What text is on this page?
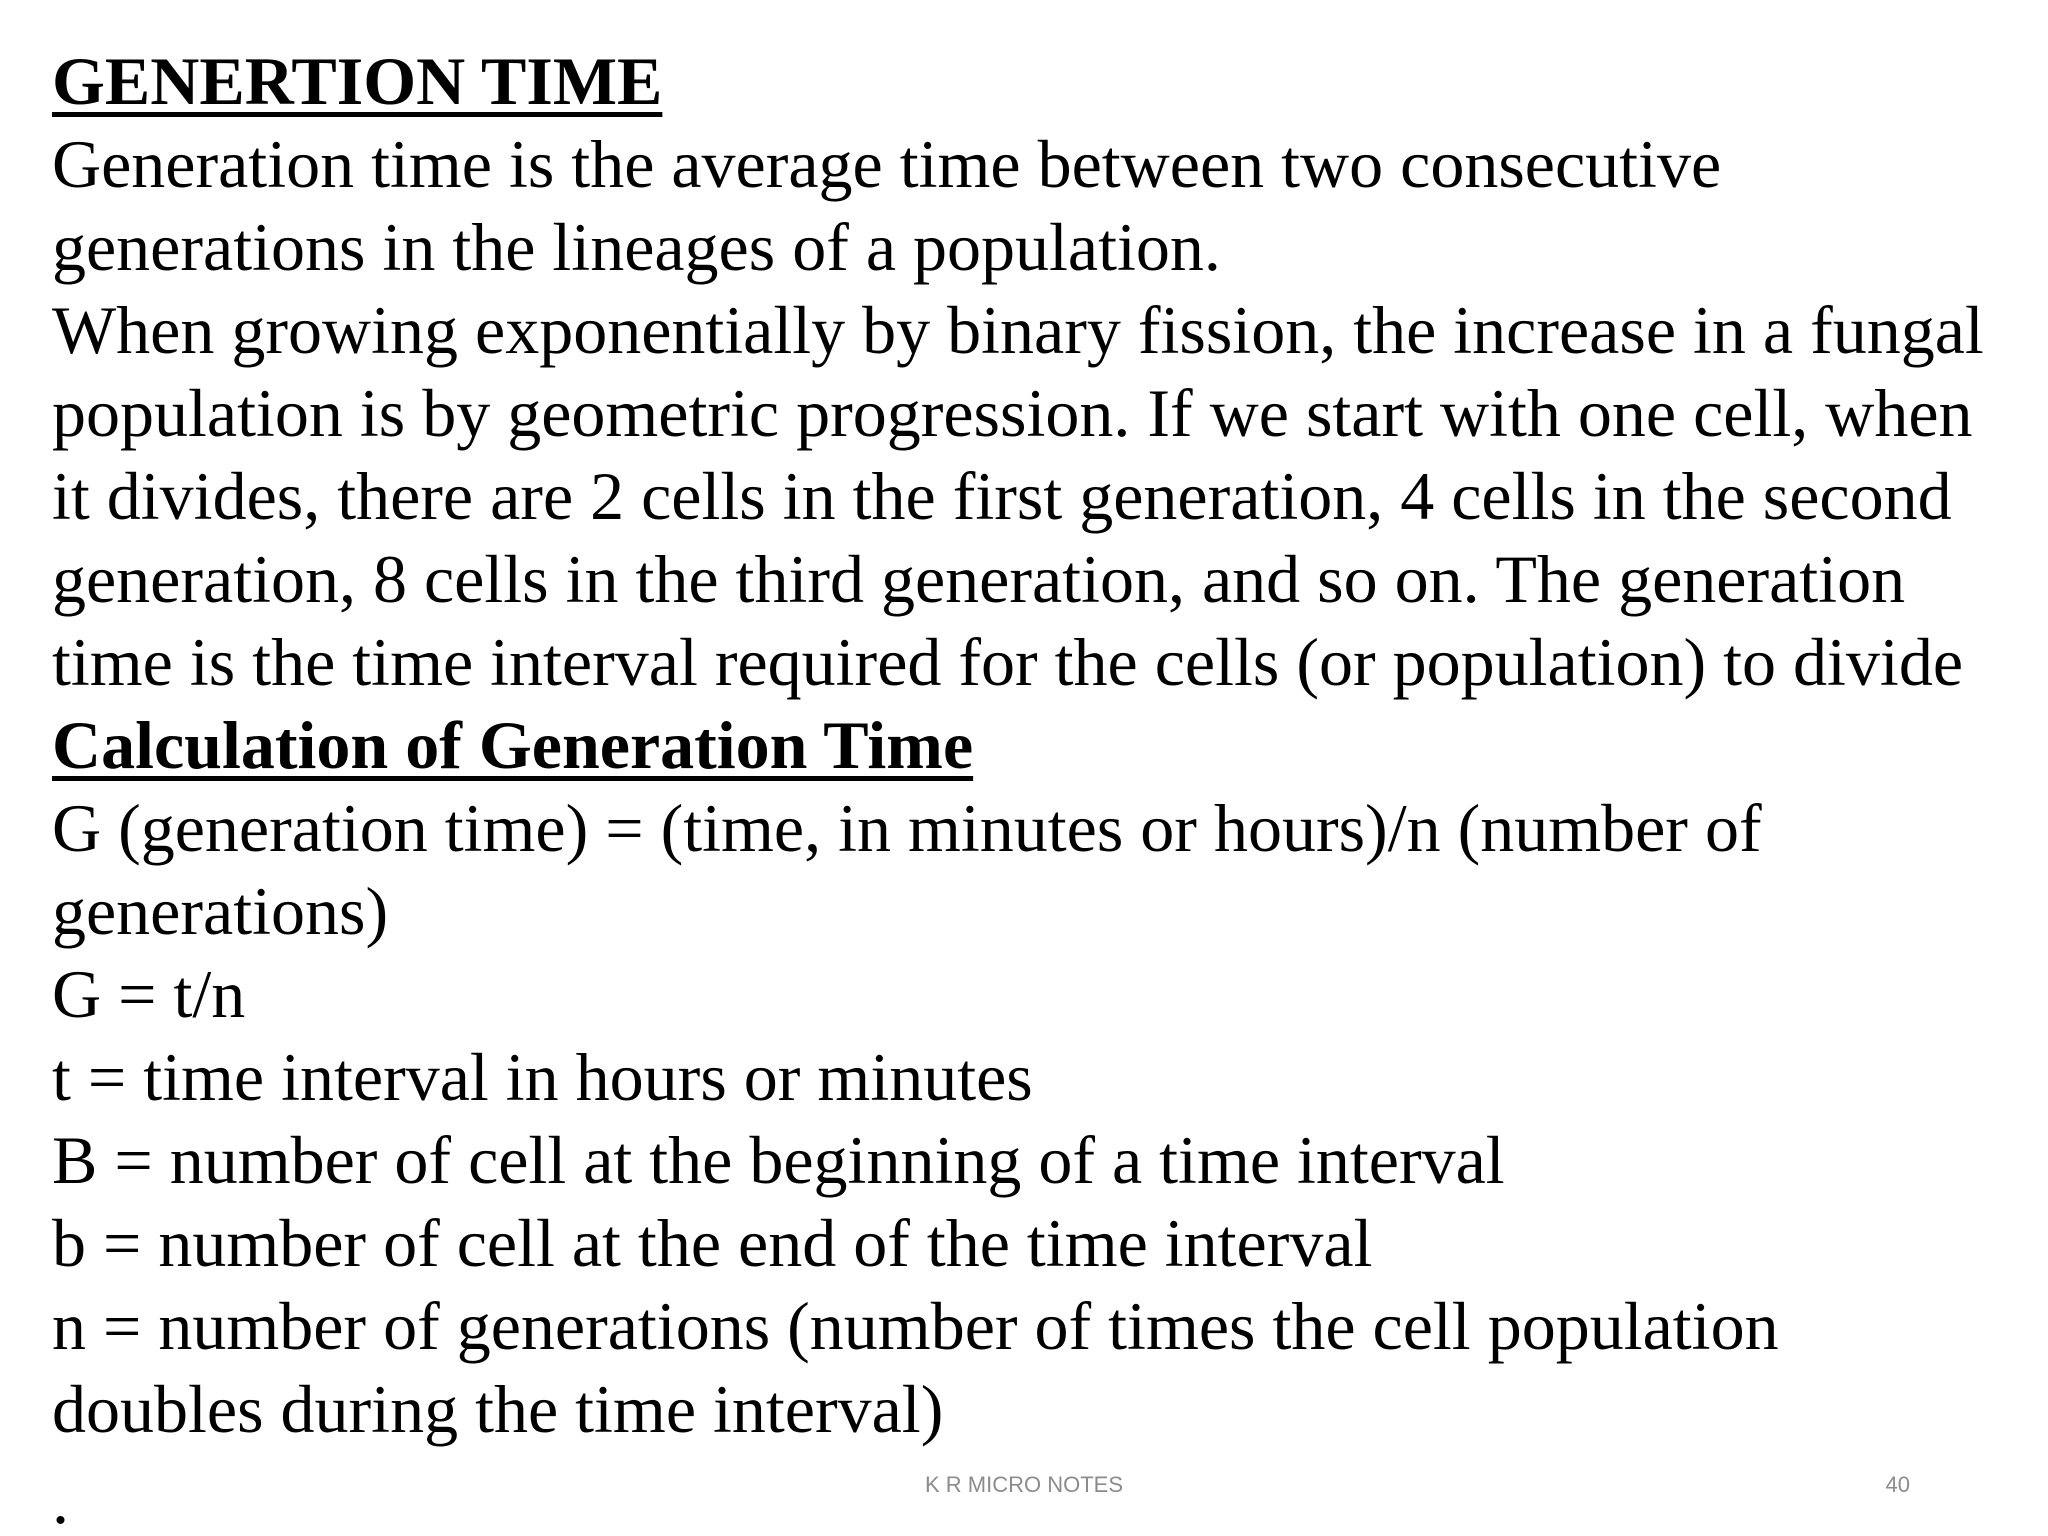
GENERTION TIME
Generation time is the average time between two consecutive
generations in the lineages of a population.
When growing exponentially by binary fission, the increase in a fungal
population is by geometric progression. If we start with one cell, when
it divides, there are 2 cells in the first generation, 4 cells in the second
generation, 8 cells in the third generation, and so on. The generation
time is the time interval required for the cells (or population) to divide
Calculation of Generation Time
G (generation time) = (time, in minutes or hours)/n (number of
generations)
G = t/n
t = time interval in hours or minutes
B = number of cell at the beginning of a time interval
b = number of cell at the end of the time interval
n = number of generations (number of times the cell population
doubles during the time interval)
.	K R MICRO NOTES	40
